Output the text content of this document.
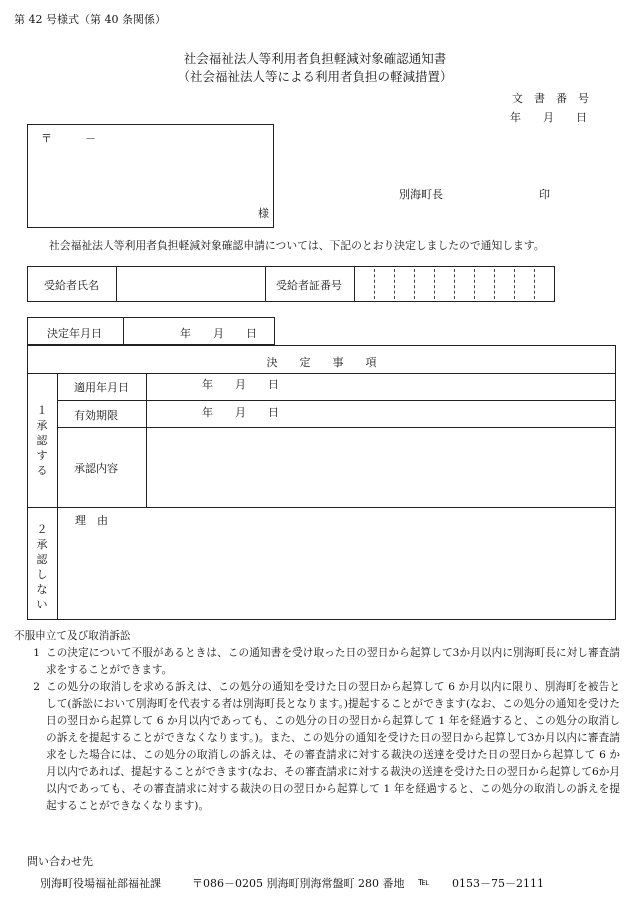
第 42 号様式（第 40 条関係）
社会福祉法人等利用者負担軽減対象確認通知書
（社会福祉法人等による利用者負担の軽減措置）
文　書　番　号
年　　月　　日
〒　　　－
様
別海町長	印
社会福祉法人等利用者負担軽減対象確認申請については、下記のとおり決定しましたので通知します。
受給者氏名	受給者証番号
決定年月日	年　　月　　日
決　　定　　事　　項
１承認する
適用年月日	年　　月　　日
有効期限	年　　月　　日
承認内容
２承認しない
理　由
不服申立て及び取消訴訟
1 この決定について不服があるときは、この通知書を受け取った日の翌日から起算して3か月以内に別海町長に対し審査請求をすることができます。
2 この処分の取消しを求める訴えは、この処分の通知を受けた日の翌日から起算して 6 か月以内に限り、別海町を被告として(訴訟において別海町を代表する者は別海町長となります。)提起することができます(なお、この処分の通知を受けた日の翌日から起算して 6 か月以内であっても、この処分の日の翌日から起算して 1 年を経過すると、この処分の取消しの訴えを提起することができなくなります。)。また、この処分の通知を受けた日の翌日から起算して3か月以内に審査請求をした場合には、この処分の取消しの訴えは、その審査請求に対する裁決の送達を受けた日の翌日から起算して 6 か月以内であれば、提起することができます(なお、その審査請求に対する裁決の送達を受けた日の翌日から起算して6か月以内であっても、その審査請求に対する裁決の日の翌日から起算して 1 年を経過すると、この処分の取消しの訴えを提起することができなくなります)。
問い合わせ先
別海町役場福祉部福祉課	〒086－0205 別海町別海常盤町 280 番地 ℡ 0153－75－2111
